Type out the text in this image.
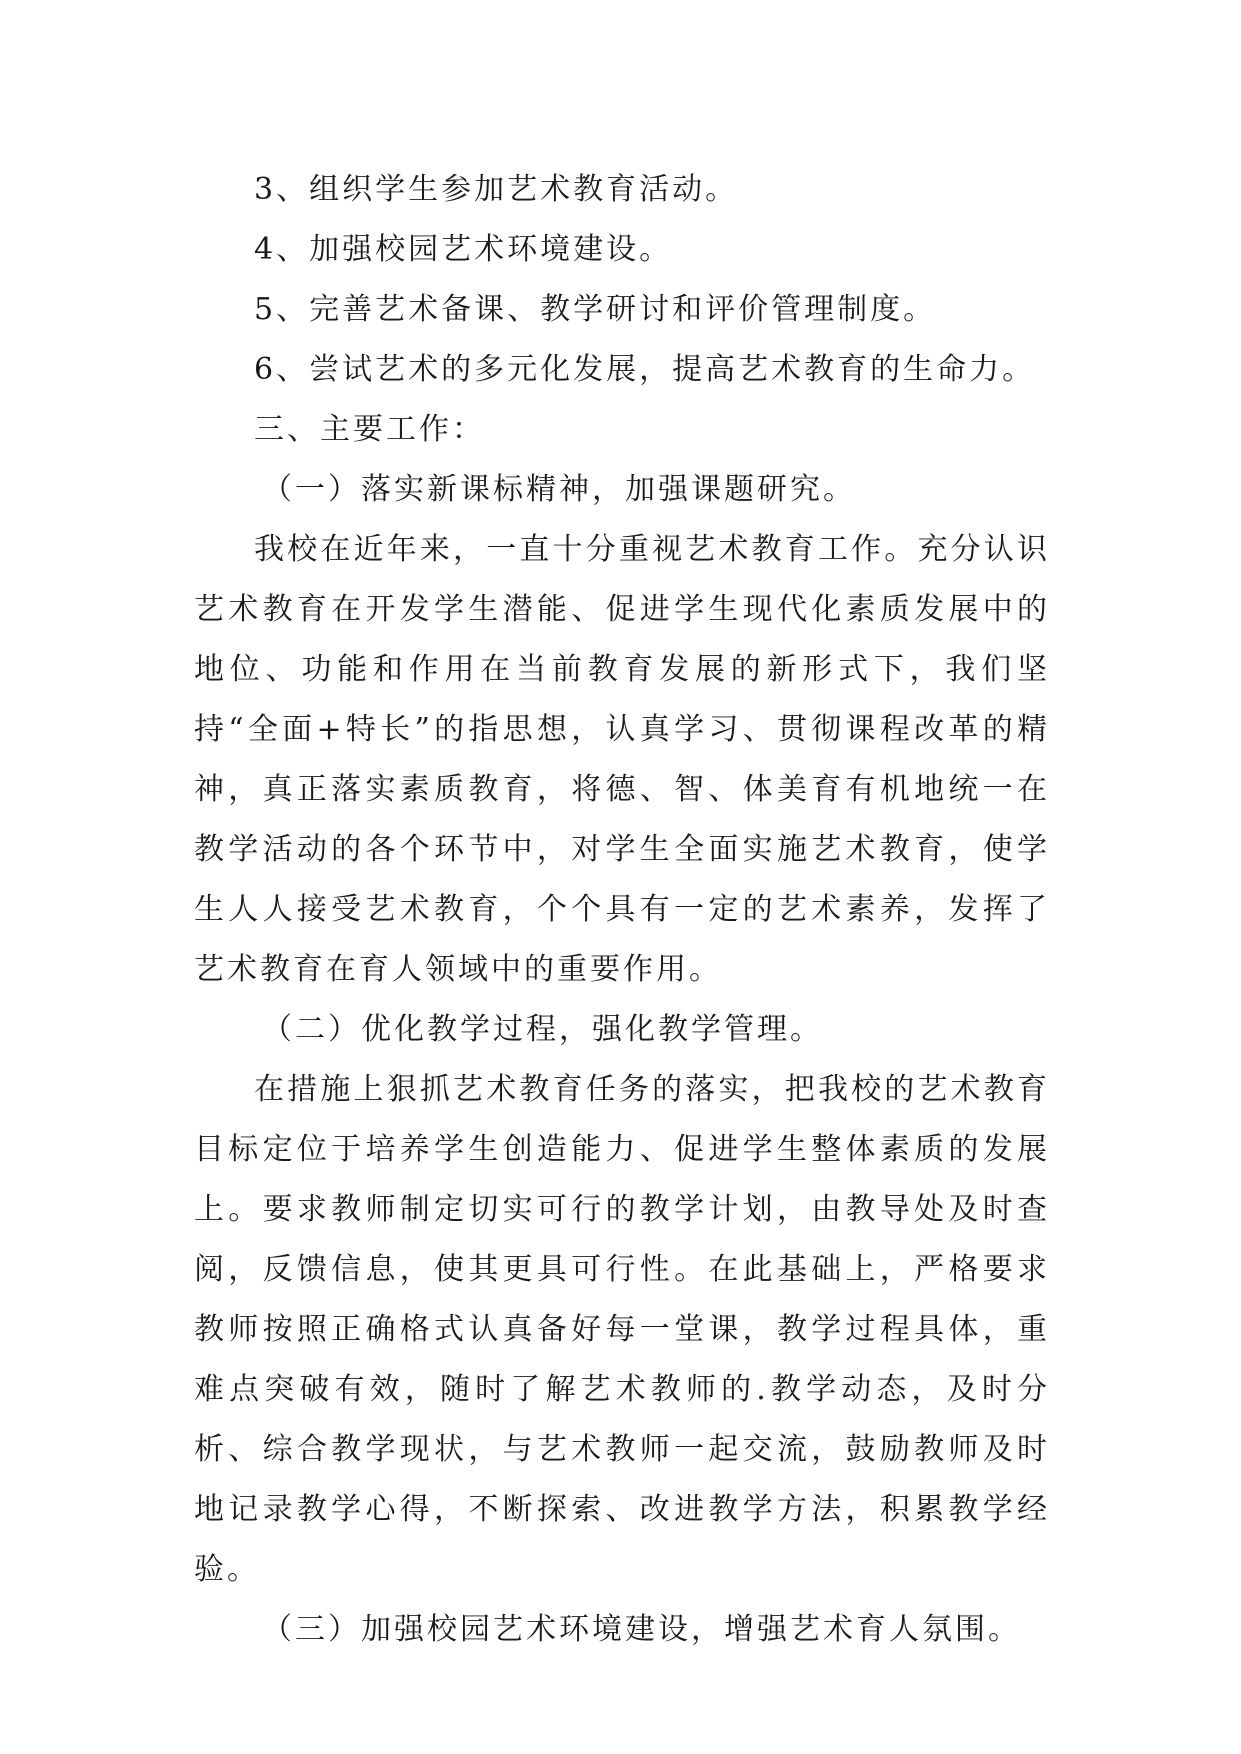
3、组织学生参加艺术教育活动。
4、加强校园艺术环境建设。
5、完善艺术备课、教学研讨和评价管理制度。
6、尝试艺术的多元化发展，提高艺术教育的生命力。
三、主要工作：
（一）落实新课标精神，加强课题研究。

我校在近年来，一直十分重视艺术教育工作。充分认识艺术教育在开发学生潜能、促进学生现代化素质发展中的地位、功能和作用在当前教育发展的新形式下，我们坚持“全面+特长”的指思想，认真学习、贯彻课程改革的精神，真正落实素质教育，将德、智、体美育有机地统一在教学活动的各个环节中，对学生全面实施艺术教育，使学生人人接受艺术教育，个个具有一定的艺术素养，发挥了艺术教育在育人领域中的重要作用。

（二）优化教学过程，强化教学管理。

在措施上狠抓艺术教育任务的落实，把我校的艺术教育目标定位于培养学生创造能力、促进学生整体素质的发展上。要求教师制定切实可行的教学计划，由教导处及时查阅，反馈信息，使其更具可行性。在此基础上，严格要求教师按照正确格式认真备好每一堂课，教学过程具体，重难点突破有效，随时了解艺术教师的.教学动态，及时分析、综合教学现状，与艺术教师一起交流，鼓励教师及时地记录教学心得，不断探索、改进教学方法，积累教学经验。

（三）加强校园艺术环境建设，增强艺术育人氛围。
